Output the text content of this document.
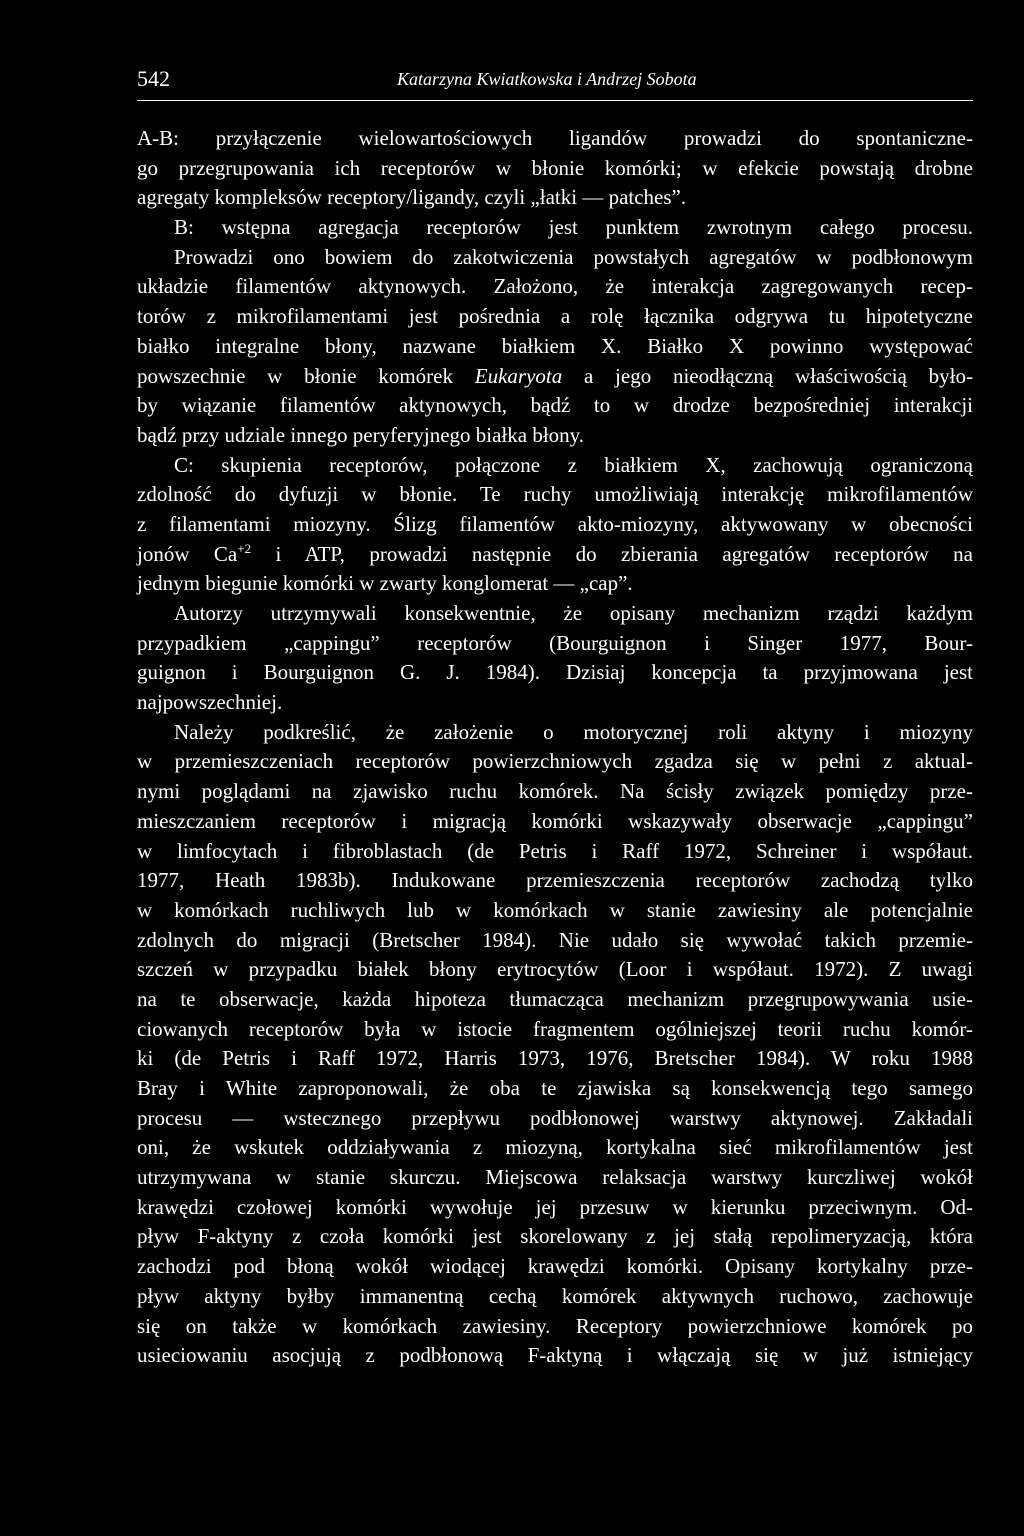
542	Katarzyna Kwiatkowska i Andrzej Sobota
A-B: przyłączenie wielowartościowych ligandów prowadzi do spontaniczne-
go przegrupowania ich receptorów w błonie komórki; w efekcie powstają drobne
agregaty kompleksów receptory/ligandy, czyli „łatki — patches”.
B: wstępna agregacja receptorów jest punktem zwrotnym całego procesu.
Prowadzi ono bowiem do zakotwiczenia powstałych agregatów w podbłonowym
układzie filamentów aktynowych. Założono, że interakcja zagregowanych recep-
torów z mikrofilamentami jest pośrednia a rolę łącznika odgrywa tu hipotetyczne
białko integralne błony, nazwane białkiem X. Białko X powinno występować
powszechnie w błonie komórek Eukaryota a jego nieodłączną właściwością było-
by wiązanie filamentów aktynowych, bądź to w drodze bezpośredniej interakcji
bądź przy udziale innego peryferyjnego białka błony.
C: skupienia receptorów, połączone z białkiem X, zachowują ograniczoną
zdolność do dyfuzji w błonie. Te ruchy umożliwiają interakcję mikrofilamentów
z filamentami miozyny. Ślizg filamentów akto-miozyny, aktywowany w obecności
jonów $Ca^{+2}$ i ATP, prowadzi następnie do zbierania agregatów receptorów na
jednym biegunie komórki w zwarty konglomerat — „cap”.
Autorzy utrzymywali konsekwentnie, że opisany mechanizm rządzi każdym
przypadkiem „cappingu” receptorów (Bourguignon i Singer 1977, Bour-
guignon i Bourguignon G. J. 1984). Dzisiaj koncepcja ta przyjmowana jest
najpowszechniej.
Należy podkreślić, że założenie o motorycznej roli aktyny i miozyny
w przemieszczeniach receptorów powierzchniowych zgadza się w pełni z aktual-
nymi poglądami na zjawisko ruchu komórek. Na ścisły związek pomiędzy prze-
mieszczaniem receptorów i migracją komórki wskazywały obserwacje „cappingu”
w limfocytach i fibroblastach (de Petris i Raff 1972, Schreiner i współaut.
1977, Heath 1983b). Indukowane przemieszczenia receptorów zachodzą tylko
w komórkach ruchliwych lub w komórkach w stanie zawiesiny ale potencjalnie
zdolnych do migracji (Bretscher 1984). Nie udało się wywołać takich przemie-
szczeń w przypadku białek błony erytrocytów (Loor i współaut. 1972). Z uwagi
na te obserwacje, każda hipoteza tłumacząca mechanizm przegrupowywania usie-
ciowanych receptorów była w istocie fragmentem ogólniejszej teorii ruchu komór-
ki (de Petris i Raff 1972, Harris 1973, 1976, Bretscher 1984). W roku 1988
Bray i White zaproponowali, że oba te zjawiska są konsekwencją tego samego
procesu — wstecznego przepływu podbłonowej warstwy aktynowej. Zakładali
oni, że wskutek oddziaływania z miozyną, kortykalna sieć mikrofilamentów jest
utrzymywana w stanie skurczu. Miejscowa relaksacja warstwy kurczliwej wokół
krawędzi czołowej komórki wywołuje jej przesuw w kierunku przeciwnym. Od-
pływ F-aktyny z czoła komórki jest skorelowany z jej stałą repolimeryzacją, która
zachodzi pod błoną wokół wiodącej krawędzi komórki. Opisany kortykalny prze-
pływ aktyny byłby immanentną cechą komórek aktywnych ruchowo, zachowuje
się on także w komórkach zawiesiny. Receptory powierzchniowe komórek po
usieciowaniu asocjują z podbłonową F-aktyną i włączają się w już istniejący
